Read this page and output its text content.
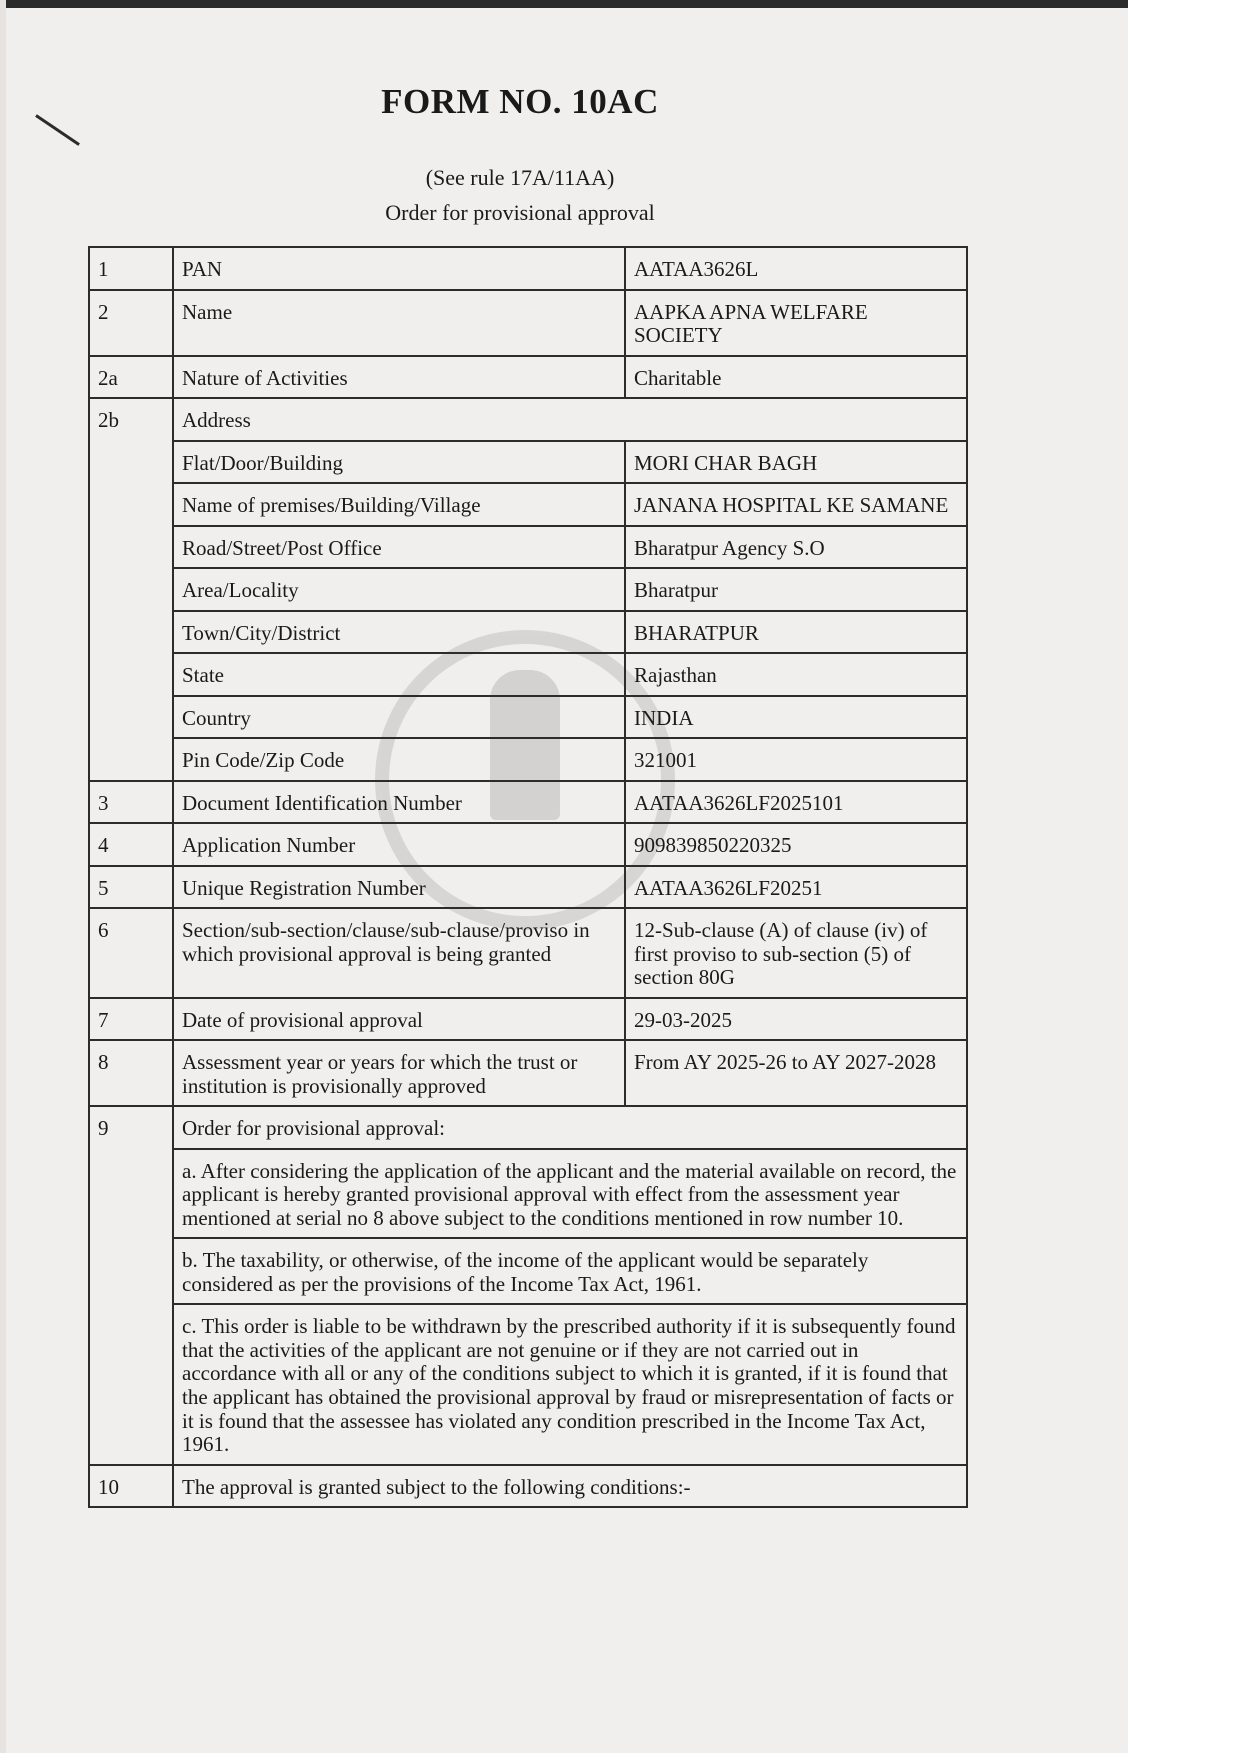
FORM NO. 10AC
(See rule 17A/11AA)
Order for provisional approval
1	PAN	AATAA3626L
2	Name	AAPKA APNA WELFARE SOCIETY
2a	Nature of Activities	Charitable
2b	Address	
	Flat/Door/Building	MORI CHAR BAGH
	Name of premises/Building/Village	JANANA HOSPITAL KE SAMANE
	Road/Street/Post Office	Bharatpur Agency S.O
	Area/Locality	Bharatpur
	Town/City/District	BHARATPUR
	State	Rajasthan
	Country	INDIA
	Pin Code/Zip Code	321001
3	Document Identification Number	AATAA3626LF2025101
4	Application Number	909839850220325
5	Unique Registration Number	AATAA3626LF20251
6	Section/sub-section/clause/sub-clause/proviso in which provisional approval is being granted	12-Sub-clause (A) of clause (iv) of first proviso to sub-section (5) of section 80G
7	Date of provisional approval	29-03-2025
8	Assessment year or years for which the trust or institution is provisionally approved	From AY 2025-26 to AY 2027-2028
9	Order for provisional approval:	
	a. After considering the application of the applicant and the material available on record, the applicant is hereby granted provisional approval with effect from the assessment year mentioned at serial no 8 above subject to the conditions mentioned in row number 10.	
	b. The taxability, or otherwise, of the income of the applicant would be separately considered as per the provisions of the Income Tax Act, 1961.	
	c. This order is liable to be withdrawn by the prescribed authority if it is subsequently found that the activities of the applicant are not genuine or if they are not carried out in accordance with all or any of the conditions subject to which it is granted, if it is found that the applicant has obtained the provisional approval by fraud or misrepresentation of facts or it is found that the assessee has violated any condition prescribed in the Income Tax Act, 1961.	
10	The approval is granted subject to the following conditions:-	
